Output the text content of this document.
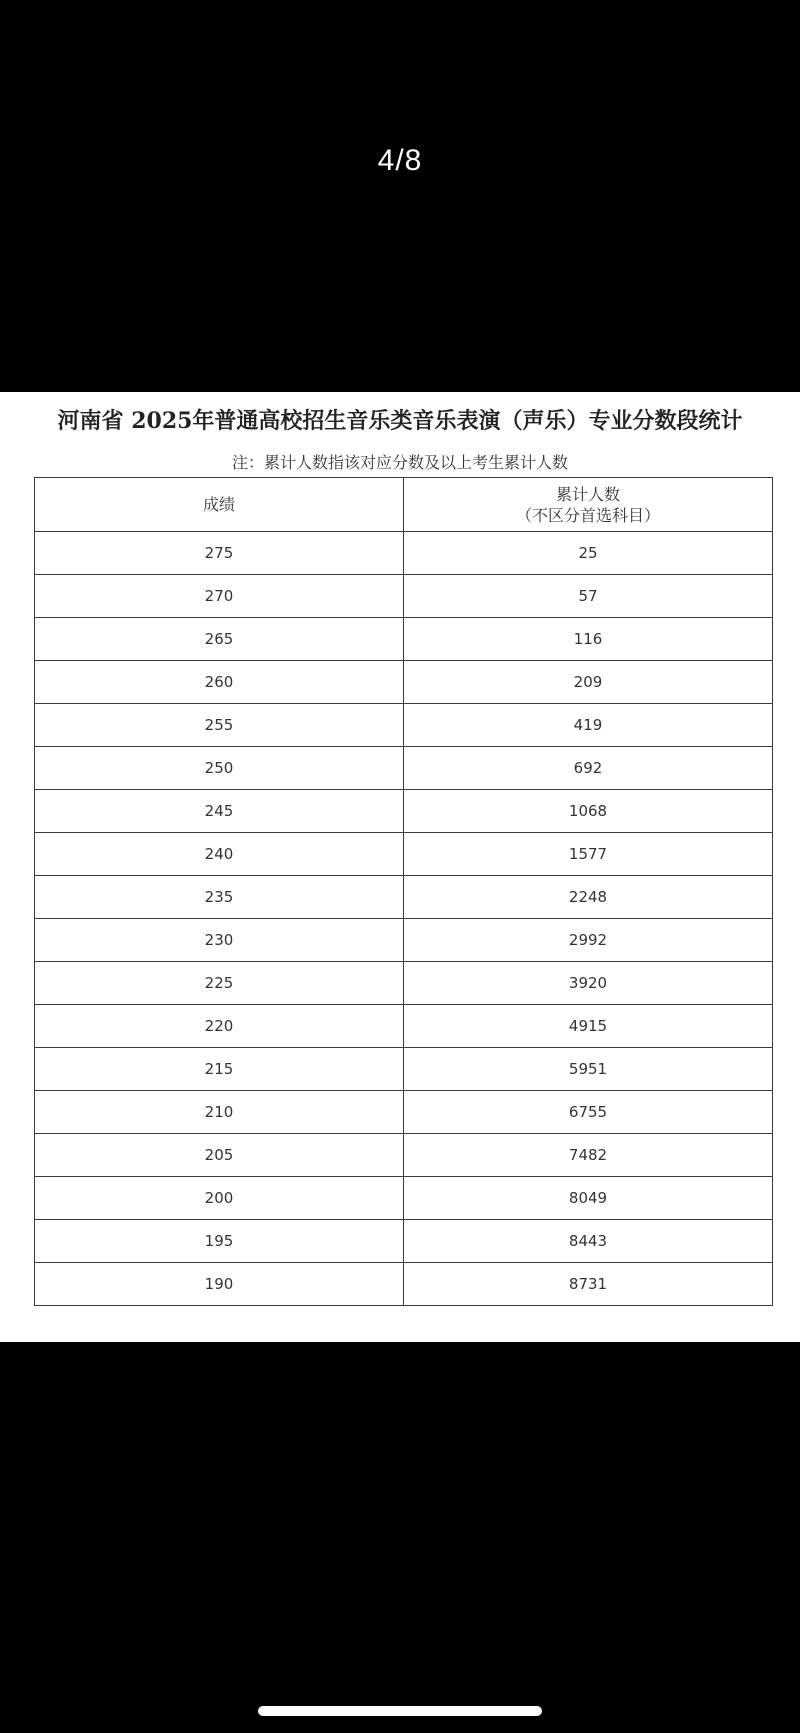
4/8
河南省 2025年普通高校招生音乐类音乐表演（声乐）专业分数段统计
注：累计人数指该对应分数及以上考生累计人数
成绩	累计人数
（不区分首选科目）

275	25
270	57
265	116
260	209
255	419
250	692
245	1068
240	1577
235	2248
230	2992
225	3920
220	4915
215	5951
210	6755
205	7482
200	8049
195	8443
190	8731
